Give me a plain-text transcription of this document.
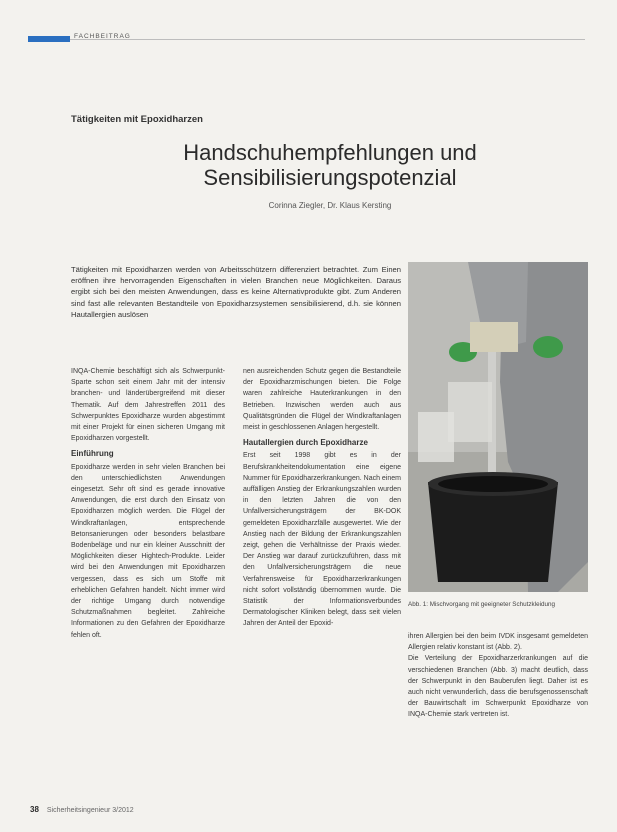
FACHBEITRAG
Tätigkeiten mit Epoxidharzen
Handschuhempfehlungen und
Sensibilisierungspotenzial
Corinna Ziegler, Dr. Klaus Kersting
Tätigkeiten mit Epoxidharzen werden von Arbeitsschützern differenziert betrachtet. Zum Einen eröffnen ihre hervorragenden Eigenschaften in vielen Branchen neue Möglichkeiten. Daraus ergibt sich bei den meisten Anwendungen, dass es keine Alternativprodukte gibt. Zum Anderen sind fast alle relevanten Bestandteile von Epoxidharzsystemen sensibilisierend, d.h. sie können Hautallergien auslösen
Abb. 1: Mischvorgang mit geeigneter Schutzkleidung

INQA-Chemie beschäftigt sich als Schwerpunkt-Sparte schon seit einem Jahr mit der intensiv branchen- und länderübergreifend mit dieser Thematik. Auf dem Jahrestreffen 2011 des Schwerpunktes Epoxidharze wurden abgestimmt mit einer Projekt für einen sicheren Umgang mit Epoxidharzen vorgestellt.

Einführung

Epoxidharze werden in sehr vielen Branchen bei den unterschiedlichsten Anwendungen eingesetzt. Sehr oft sind es gerade innovative Anwendungen, die erst durch den Einsatz von Epoxidharzen möglich werden. Die Flügel der Windkraftanlagen, entsprechende Betonsanierungen oder besonders belastbare Bodenbeläge und nur ein kleiner Ausschnitt der Möglichkeiten dieser Hightech-Produkte. Leider wird bei den Anwendungen mit Epoxidharzen vergessen, dass es sich um Stoffe mit erheblichen Gefahren handelt. Nicht immer wird der richtige Umgang durch notwendige Schutzmaßnahmen begleitet. Zahlreiche Informationen zu den Gefahren der Epoxidharze fehlen oft.

nen ausreichenden Schutz gegen die Bestandteile der Epoxidharzmischungen bieten. Die Folge waren zahlreiche Hauterkrankungen in den Betrieben. Inzwischen werden auch aus Qualitätsgründen die Flügel der Windkraftanlagen meist in geschlossenen Anlagen hergestellt.

Hautallergien durch Epoxidharze

Erst seit 1998 gibt es in der Berufskrankheitendokumentation eine eigene Nummer für Epoxidharzerkrankungen. Nach einem auffälligen Anstieg der Erkrankungszahlen wurden in den letzten Jahren die von den Unfallversicherungsträgern der BK-DOK gemeldeten Epoxidharzfälle ausgewertet. Wie der Anstieg nach der Bildung der Erkrankungszahlen zeigt, gehen die Verhältnisse der Praxis wieder. Der Anstieg war darauf zurückzuführen, dass mit den Unfallversicherungsträgern die neue Verfahrensweise für Epoxidharzerkrankungen nicht sofort vollständig übernommen wurde. Die Statistik der Informationsverbundes Dermatologischer Kliniken belegt, dass seit vielen Jahren der Anteil der Epoxid-

ihren Allergien bei den beim IVDK insgesamt gemeldeten Allergien relativ konstant ist (Abb. 2).

Die Verteilung der Epoxidharzerkrankungen auf die verschiedenen Branchen (Abb. 3) macht deutlich, dass der Schwerpunkt in den Bauberufen liegt. Daher ist es auch nicht verwunderlich, dass die berufsgenossenschaft der Bauwirtschaft im Schwerpunkt Epoxidharze von INQA-Chemie stark vertreten ist.

38 Sicherheitsingenieur 3/2012
